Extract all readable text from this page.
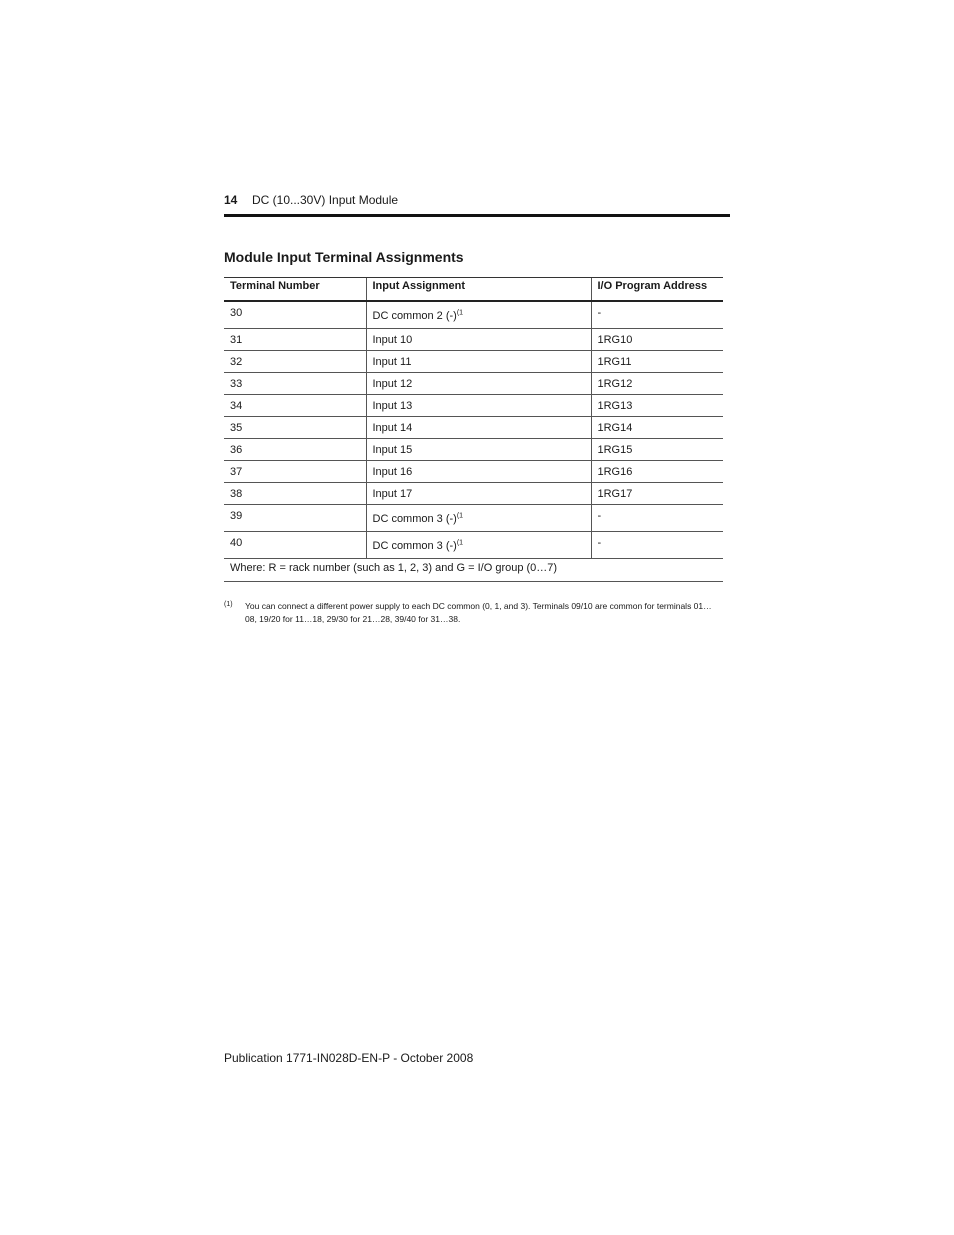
14 DC (10...30V) Input Module
Module Input Terminal Assignments
Terminal Number	Input Assignment	I/O Program Address
30	DC common 2 $(-)^{(1}$	-
31	Input 10	1RG10
32	Input 11	1RG11
33	Input 12	1RG12
34	Input 13	1RG13
35	Input 14	1RG14
36	Input 15	1RG15
37	Input 16	1RG16
38	Input 17	1RG17
39	DC common 3 $(-)^{(1}$	-
40	DC common 3 $(-)^{(1}$	-
Where: R = rack number (such as 1, 2, 3) and G = I/O group (0…7)		
(1) You can connect a different power supply to each DC common (0, 1, and 3). Terminals 09/10 are common for terminals 01…08, 19/20 for 11…18, 29/30 for 21…28, 39/40 for 31…38.
Publication 1771-IN028D-EN-P - October 2008
